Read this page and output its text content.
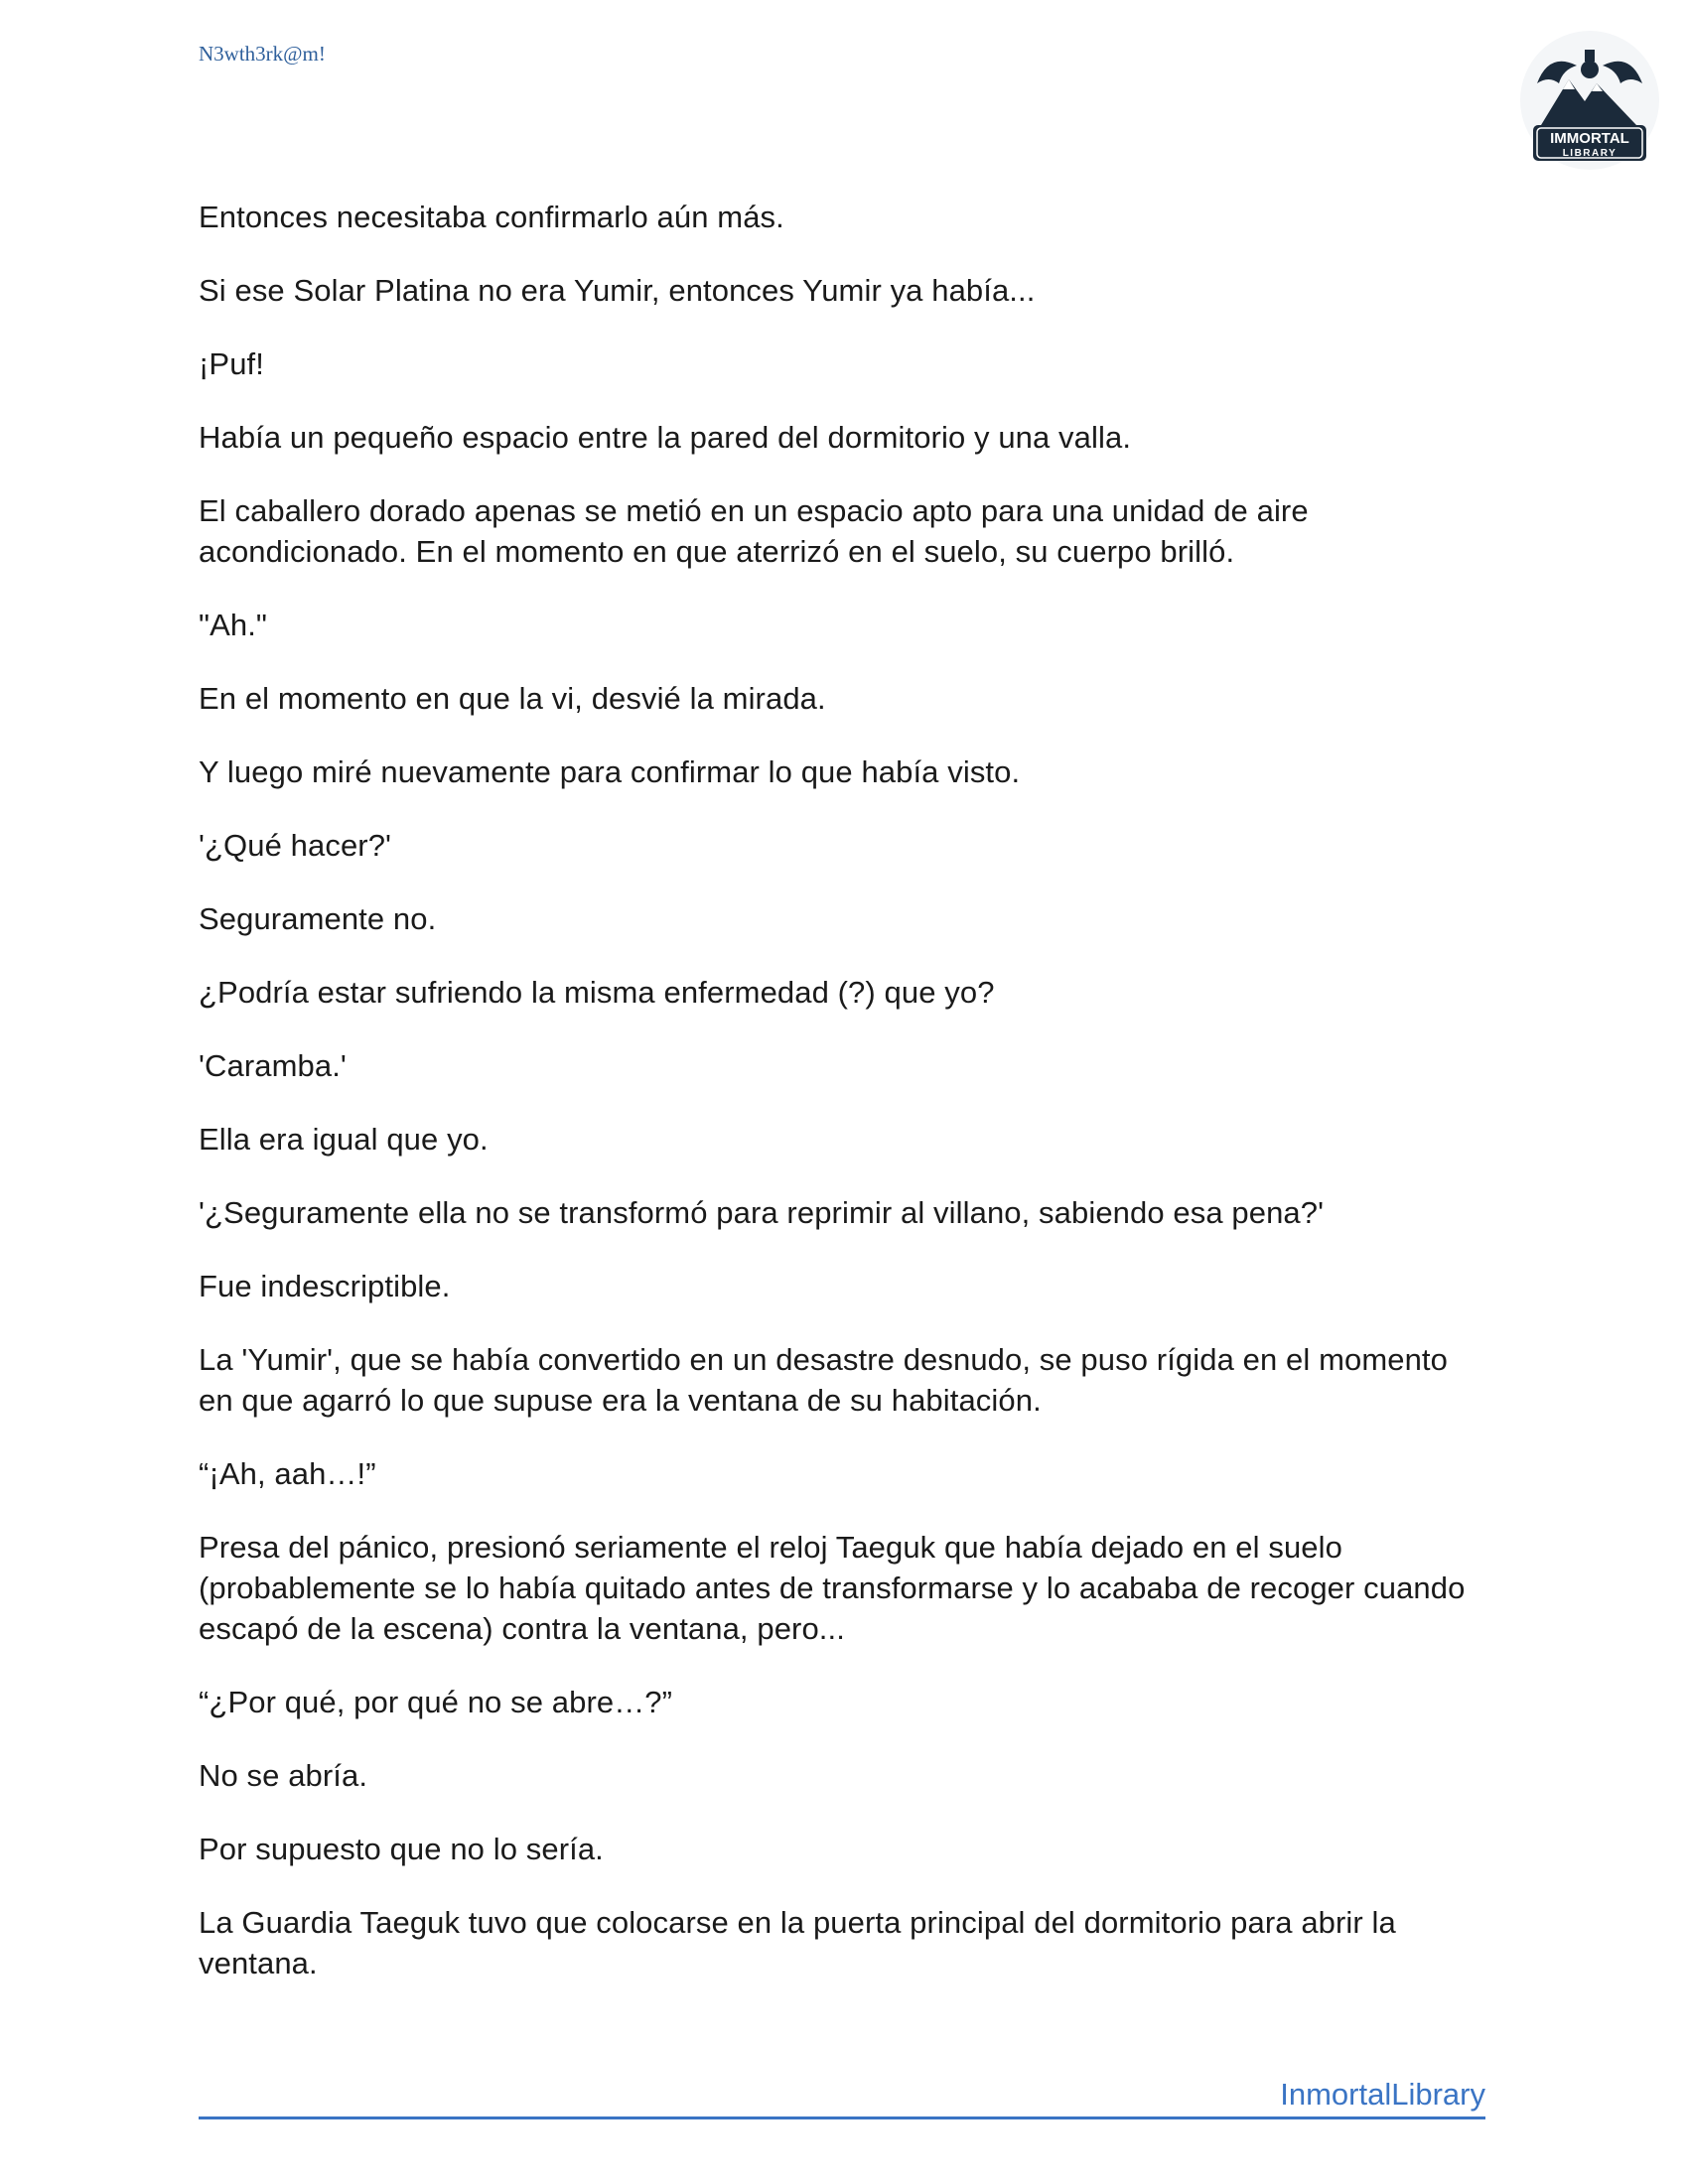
N3wth3rk@m!
IMMORTAL
LIBRARY

Entonces necesitaba confirmarlo aún más.

Si ese Solar Platina no era Yumir, entonces Yumir ya había...

¡Puf!

Había un pequeño espacio entre la pared del dormitorio y una valla.

El caballero dorado apenas se metió en un espacio apto para una unidad de aire acondicionado. En el momento en que aterrizó en el suelo, su cuerpo brilló.

"Ah."

En el momento en que la vi, desvié la mirada.

Y luego miré nuevamente para confirmar lo que había visto.

'¿Qué hacer?'

Seguramente no.

¿Podría estar sufriendo la misma enfermedad (?) que yo?

'Caramba.'

Ella era igual que yo.

'¿Seguramente ella no se transformó para reprimir al villano, sabiendo esa pena?'

Fue indescriptible.

La 'Yumir', que se había convertido en un desastre desnudo, se puso rígida en el momento en que agarró lo que supuse era la ventana de su habitación.

“¡Ah, aah…!”

Presa del pánico, presionó seriamente el reloj Taeguk que había dejado en el suelo (probablemente se lo había quitado antes de transformarse y lo acababa de recoger cuando escapó de la escena) contra la ventana, pero...

“¿Por qué, por qué no se abre…?”

No se abría.

Por supuesto que no lo sería.

La Guardia Taeguk tuvo que colocarse en la puerta principal del dormitorio para abrir la ventana.

InmortalLibrary
